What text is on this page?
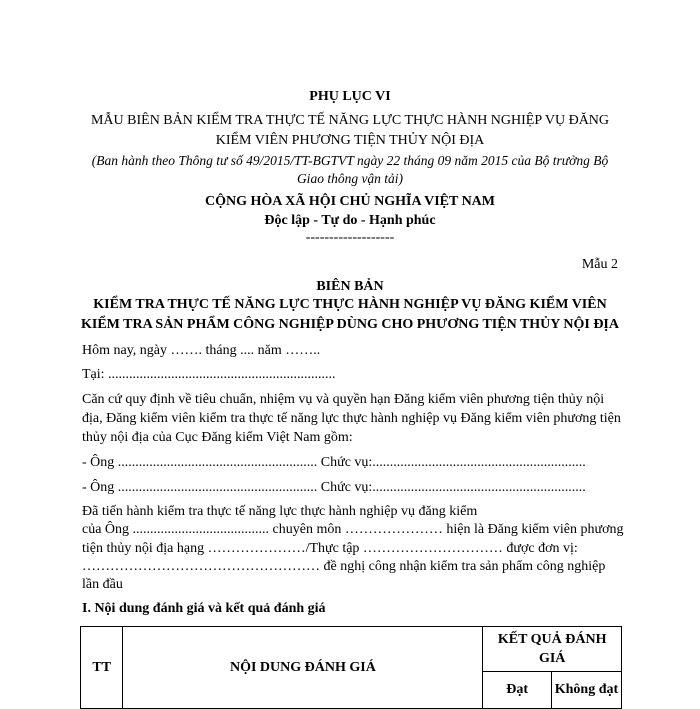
PHỤ LỤC VI
MẪU BIÊN BẢN KIỂM TRA THỰC TẾ NĂNG LỰC THỰC HÀNH NGHIỆP VỤ ĐĂNG
KIỂM VIÊN PHƯƠNG TIỆN THỦY NỘI ĐỊA
(Ban hành theo Thông tư số 49/2015/TT-BGTVT ngày 22 tháng 09 năm 2015 của Bộ trưởng Bộ
Giao thông vận tải)
CỘNG HÒA XÃ HỘI CHỦ NGHĨA VIỆT NAM
Độc lập - Tự do - Hạnh phúc
-------------------
Mẫu 2
BIÊN BẢN
KIỂM TRA THỰC TẾ NĂNG LỰC THỰC HÀNH NGHIỆP VỤ ĐĂNG KIỂM VIÊN
KIỂM TRA SẢN PHẨM CÔNG NGHIỆP DÙNG CHO PHƯƠNG TIỆN THỦY NỘI ĐỊA
Hôm nay, ngày ……. tháng .... năm ……..
Tại: .................................................................
Căn cứ quy định về tiêu chuẩn, nhiệm vụ và quyền hạn Đăng kiểm viên phương tiện thủy nội
địa, Đăng kiểm viên kiểm tra thực tế năng lực thực hành nghiệp vụ Đăng kiểm viên phương tiện
thủy nội địa của Cục Đăng kiểm Việt Nam gồm:
- Ông ......................................................... Chức vụ:.............................................................
- Ông ......................................................... Chức vụ:.............................................................
Đã tiến hành kiểm tra thực tế năng lực thực hành nghiệp vụ đăng kiểm
của Ông ....................................... chuyên môn ………………… hiện là Đăng kiểm viên phương
tiện thủy nội địa hạng …………………/Thực tập ………………………… được đơn vị:
…………………………………………… đề nghị công nhận kiểm tra sản phẩm công nghiệp
lần đầu
I. Nội dung đánh giá và kết quả đánh giá
TT	NỘI DUNG ĐÁNH GIÁ	KẾT QUẢ ĐÁNH
GIÁ	

		Đạt	Không đạt
